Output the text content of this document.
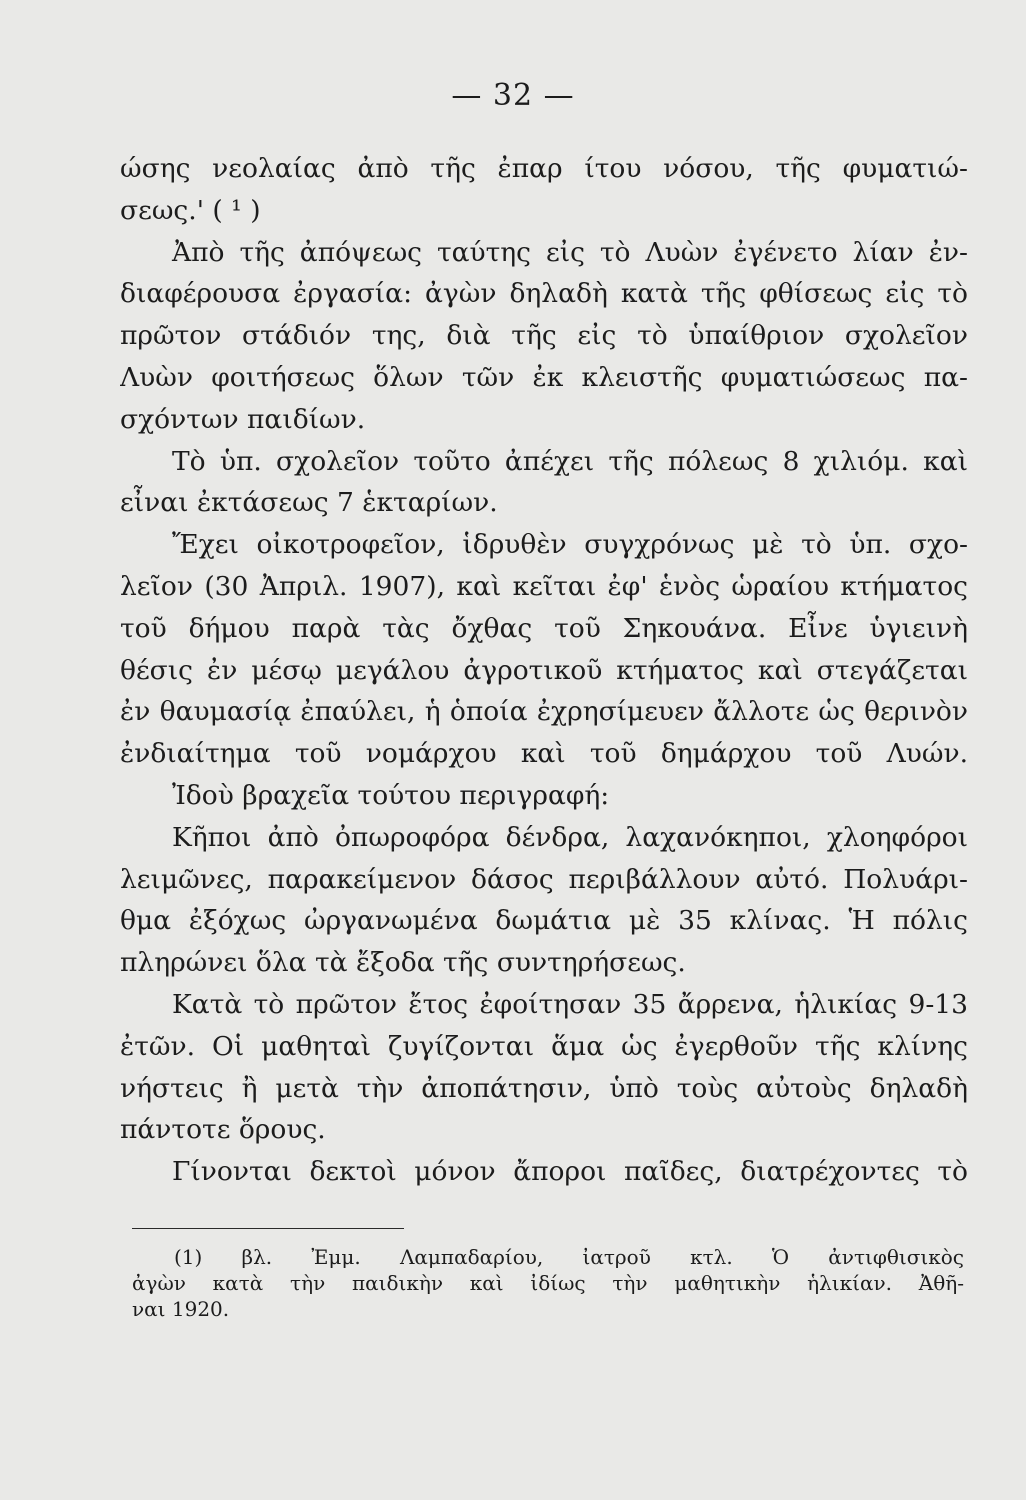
— 32 —
ώσης νεολαίας ἀπὸ τῆς ἐπαρ ίτου νόσου, τῆς φυματιώ-
σεως.' ( ¹ )
Ἀπὸ τῆς ἀπόψεως ταύτης εἰς τὸ Λυὼν ἐγένετο λίαν ἐν-
διαφέρουσα ἐργασία: ἀγὼν δηλαδὴ κατὰ τῆς φθίσεως εἰς τὸ
πρῶτον στάδιόν της, διὰ τῆς εἰς τὸ ὑπαίθριον σχολεῖον
Λυὼν φοιτήσεως ὅλων τῶν ἐκ κλειστῆς φυματιώσεως πα-
σχόντων παιδίων.
Τὸ ὑπ. σχολεῖον τοῦτο ἀπέχει τῆς πόλεως 8 χιλιόμ. καὶ
εἶναι ἐκτάσεως 7 ἑκταρίων.
Ἔχει οἰκοτροφεῖον, ἱδρυθὲν συγχρόνως μὲ τὸ ὑπ. σχο-
λεῖον (30 Ἀπριλ. 1907), καὶ κεῖται ἐφ' ἑνὸς ὡραίου κτήματος
τοῦ δήμου παρὰ τὰς ὄχθας τοῦ Σηκουάνα. Εἶνε ὑγιεινὴ
θέσις ἐν μέσῳ μεγάλου ἀγροτικοῦ κτήματος καὶ στεγάζεται
ἐν θαυμασίᾳ ἐπαύλει, ἡ ὁποία ἐχρησίμευεν ἄλλοτε ὡς θερινὸν
ἐνδιαίτημα τοῦ νομάρχου καὶ τοῦ δημάρχου τοῦ Λυών.
Ἰδοὺ βραχεῖα τούτου περιγραφή:
Κῆποι ἀπὸ ὀπωροφόρα δένδρα, λαχανόκηποι, χλοηφόροι
λειμῶνες, παρακείμενον δάσος περιβάλλουν αὐτό. Πολυάρι-
θμα ἐξόχως ὠργανωμένα δωμάτια μὲ 35 κλίνας. Ἡ πόλις
πληρώνει ὅλα τὰ ἔξοδα τῆς συντηρήσεως.
Κατὰ τὸ πρῶτον ἔτος ἐφοίτησαν 35 ἄρρενα, ἡλικίας 9-13
ἐτῶν. Οἱ μαθηταὶ ζυγίζονται ἅμα ὡς ἐγερθοῦν τῆς κλίνης
νήστεις ἢ μετὰ τὴν ἀποπάτησιν, ὑπὸ τοὺς αὐτοὺς δηλαδὴ
πάντοτε ὅρους.
Γίνονται δεκτοὶ μόνον ἄποροι παῖδες, διατρέχοντες τὸ
(1) βλ. Ἐμμ. Λαμπαδαρίου, ἰατροῦ κτλ. Ὁ ἀντιφθισικὸς
ἀγὼν κατὰ τὴν παιδικὴν καὶ ἰδίως τὴν μαθητικὴν ἡλικίαν. Ἀθῆ-
ναι 1920.
